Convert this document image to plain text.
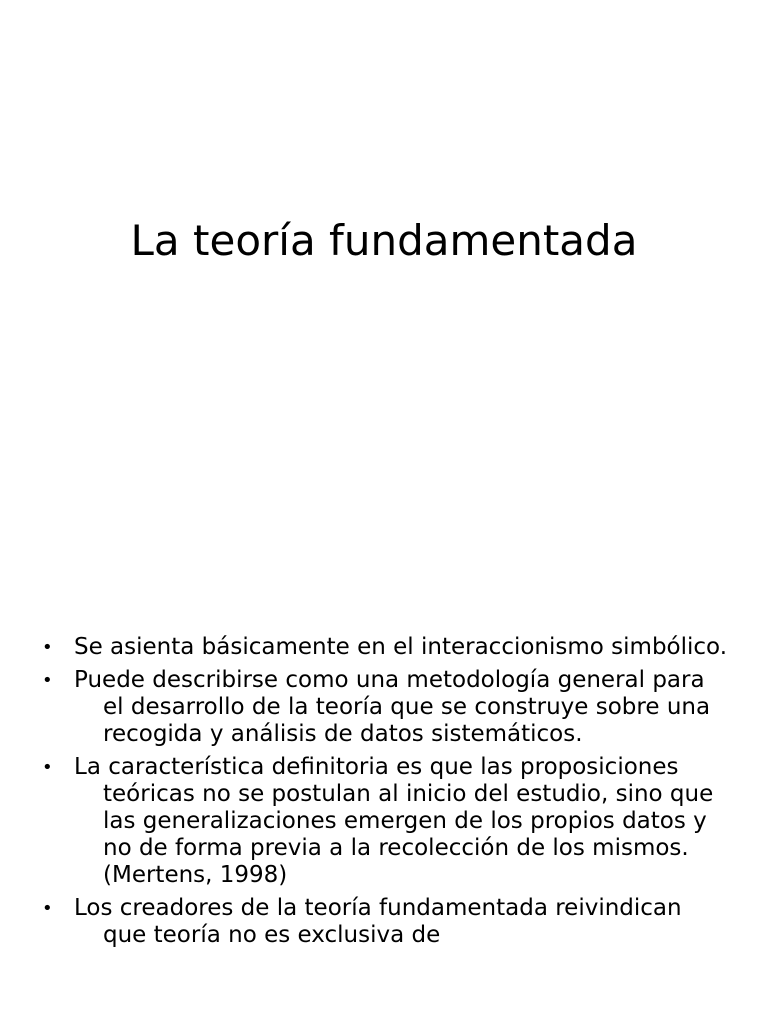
La teoría fundamentada
• Se asienta básicamente en el interaccionismo simbólico.
• Puede describirse como una metodología general para el desarrollo de la teoría que se construye sobre una recogida y análisis de datos sistemáticos.
• La característica definitoria es que las proposiciones teóricas no se postulan al inicio del estudio, sino que las generalizaciones emergen de los propios datos y no de forma previa a la recolección de los mismos. (Mertens, 1998)
• Los creadores de la teoría fundamentada reivindican que teoría no es exclusiva de
